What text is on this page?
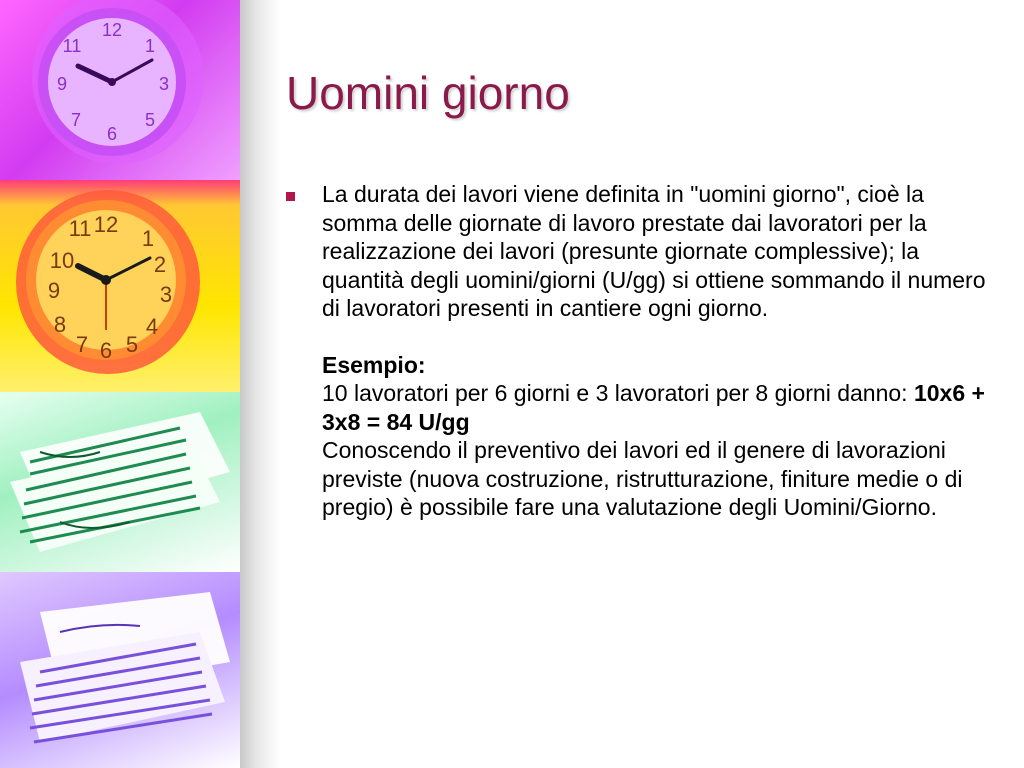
12
1
3
6
9
11
5
7
12
11 1
2
3
4
5
6
7
8
9
10
Uomini giorno
La durata dei lavori viene definita in "uomini giorno", cioè la somma delle giornate di lavoro prestate dai lavoratori per la realizzazione dei lavori (presunte giornate complessive); la quantità degli uomini/giorni (U/gg) si ottiene sommando il numero di lavoratori presenti in cantiere ogni giorno.
Esempio:
10 lavoratori per 6 giorni e 3 lavoratori per 8 giorni danno: 10x6 + 3x8 = 84 U/gg
Conoscendo il preventivo dei lavori ed il genere di lavorazioni previste (nuova costruzione, ristrutturazione, finiture medie o di pregio) è possibile fare una valutazione degli Uomini/Giorno.
